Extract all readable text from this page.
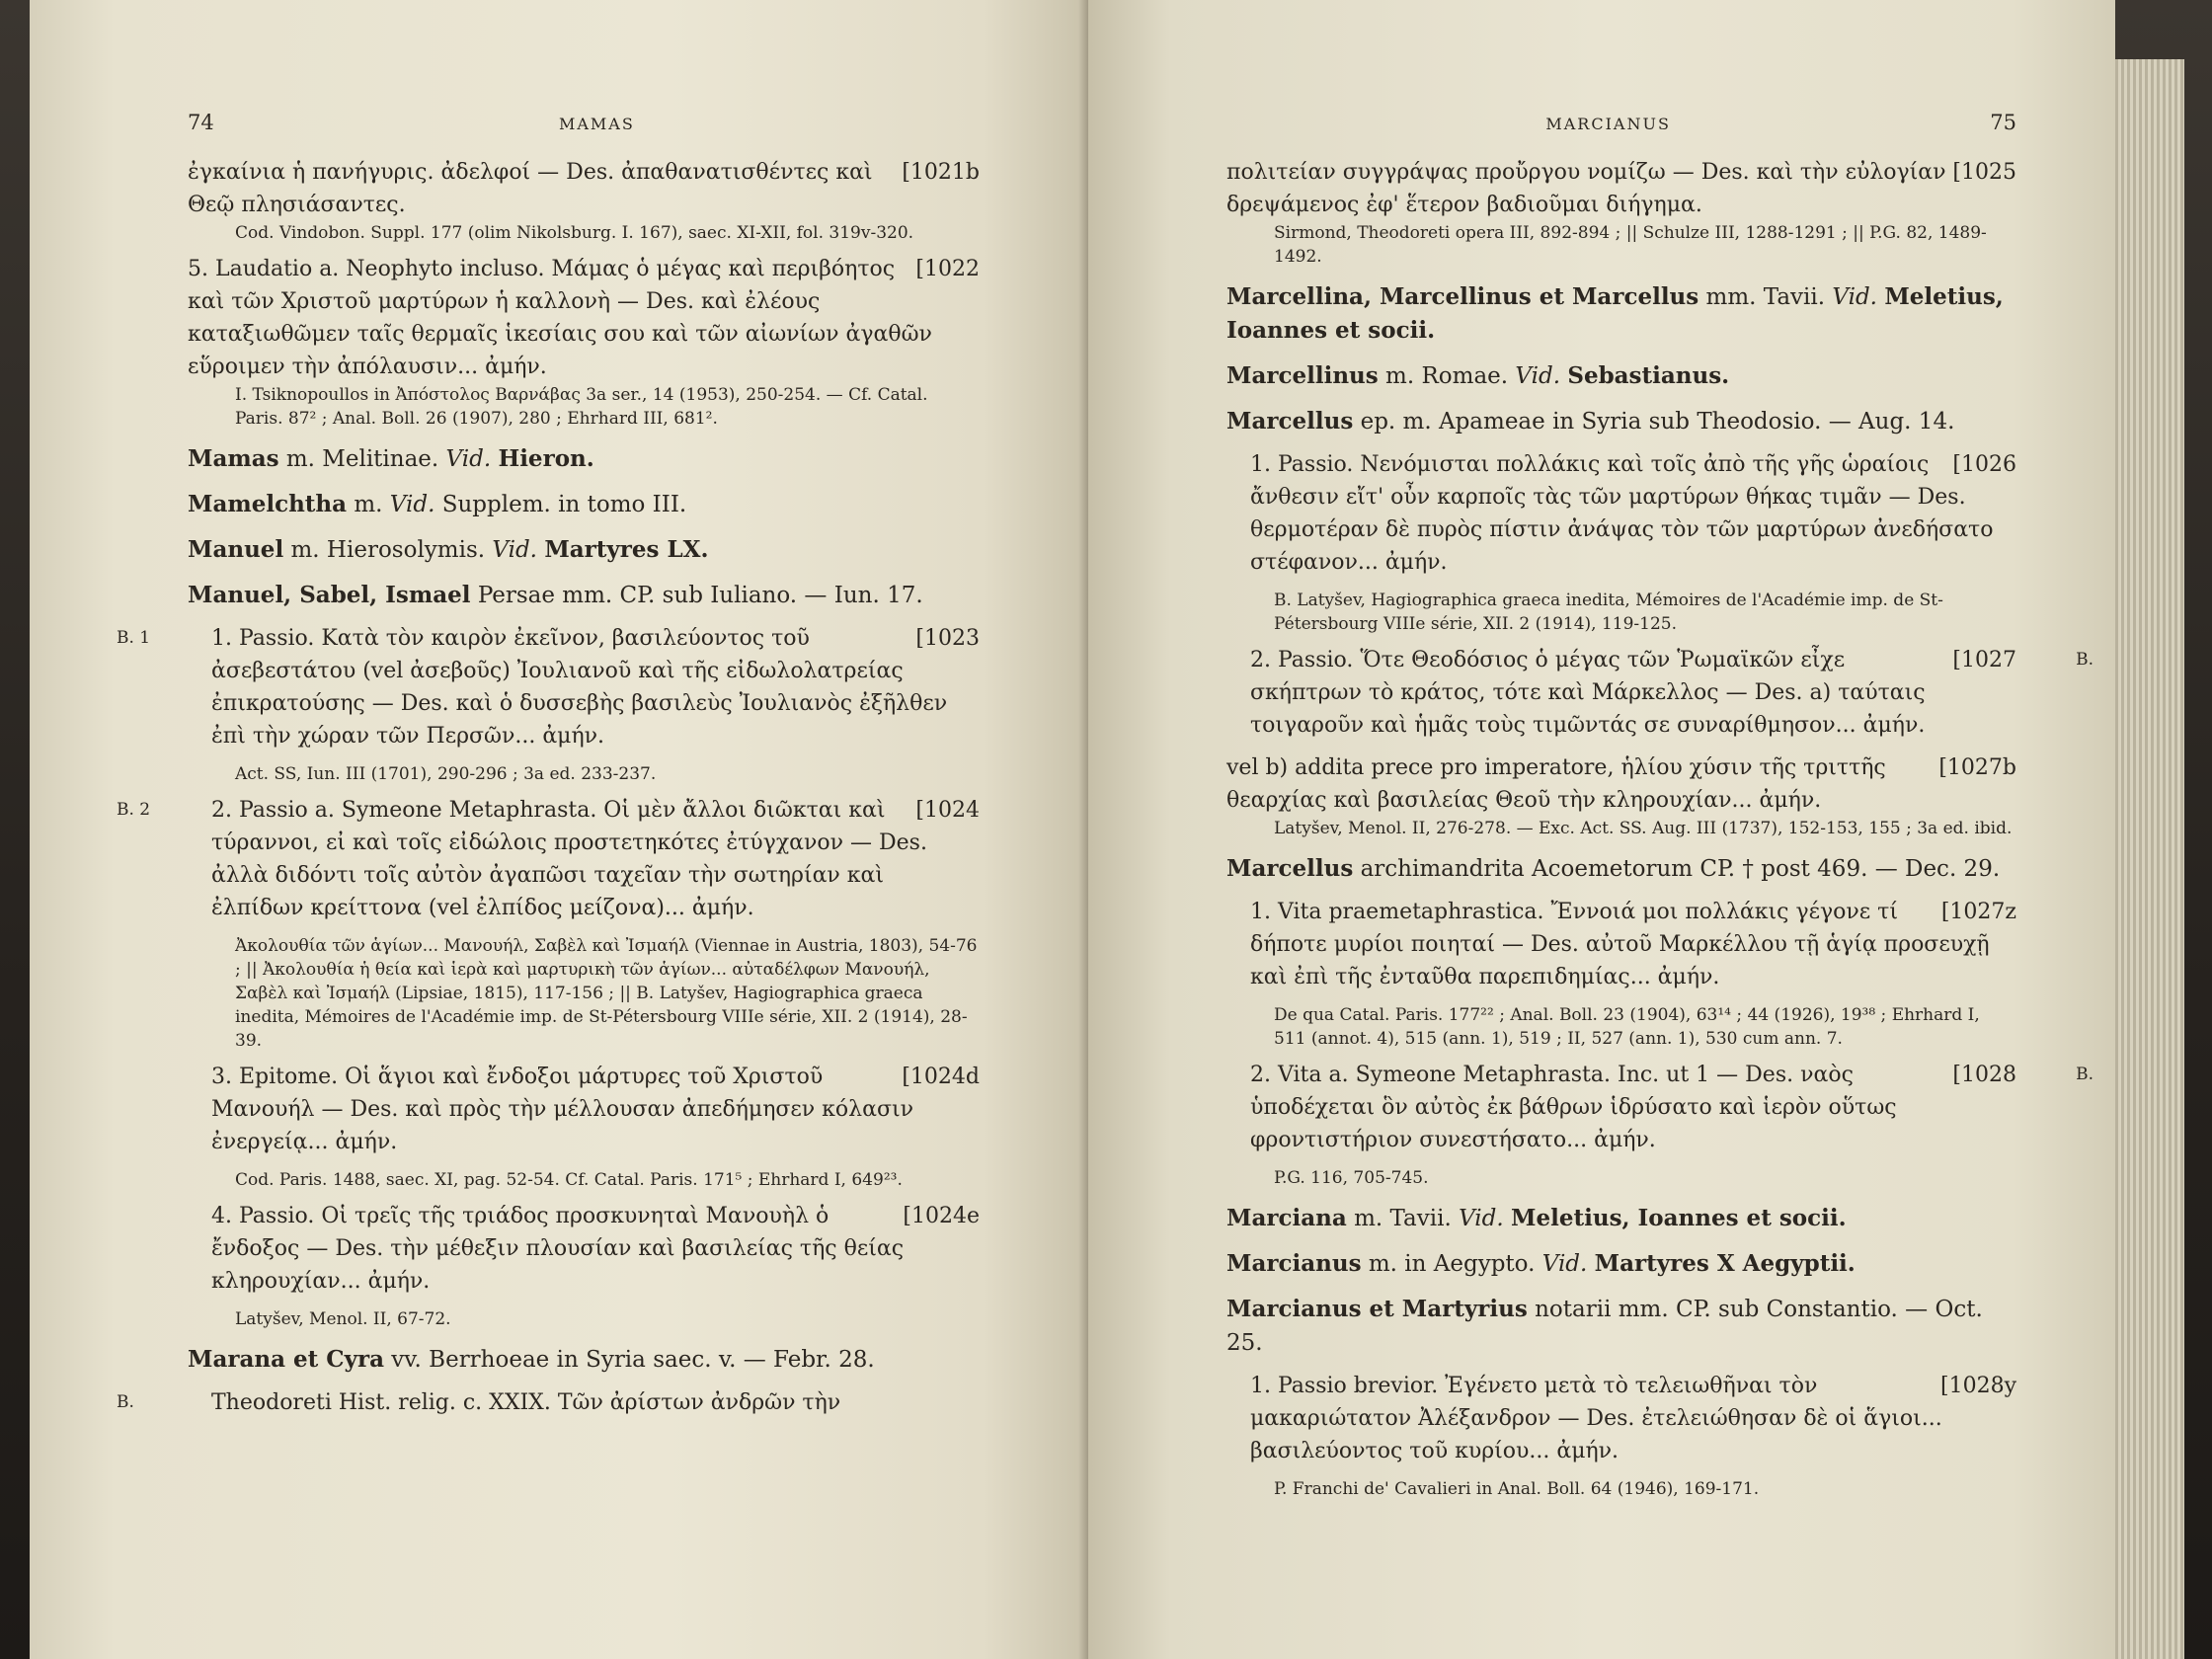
74	MAMAS
[1021b
ἐγκαίνια ἡ πανήγυρις. ἀδελφοί — Des. ἀπαθανατισθέντες καὶ Θεῷ πλησιάσαντες.
Cod. Vindobon. Suppl. 177 (olim Nikolsburg. I. 167), saec. XI-XII, fol. 319v-320.
[1022
5. Laudatio a. Neophyto incluso. Μάμας ὁ μέγας καὶ περιβόητος καὶ τῶν Χριστοῦ μαρτύρων ἡ καλλονὴ — Des. καὶ ἐλέους καταξιωθῶμεν ταῖς θερμαῖς ἱκεσίαις σου καὶ τῶν αἰωνίων ἀγαθῶν εὕροιμεν τὴν ἀπόλαυσιν... ἀμήν.
I. Tsiknopoullos in Ἀπόστολος Βαρνάβας 3a ser., 14 (1953), 250-254. — Cf. Catal. Paris. 87² ; Anal. Boll. 26 (1907), 280 ; Ehrhard III, 681².
Mamas m. Melitinae. Vid. Hieron.
Mamelchtha m. Vid. Supplem. in tomo III.
Manuel m. Hierosolymis. Vid. Martyres LX.
Manuel, Sabel, Ismael Persae mm. CP. sub Iuliano. — Iun. 17.
B. 1	[1023
1. Passio. Κατὰ τὸν καιρὸν ἐκεῖνον, βασιλεύοντος τοῦ ἀσεβεστάτου (vel ἀσεβοῦς) Ἰουλιανοῦ καὶ τῆς εἰδωλολατρείας ἐπικρατούσης — Des. καὶ ὁ δυσσεβὴς βασιλεὺς Ἰουλιανὸς ἐξῆλθεν ἐπὶ τὴν χώραν τῶν Περσῶν... ἀμήν.
Act. SS, Iun. III (1701), 290-296 ; 3a ed. 233-237.
B. 2	[1024
2. Passio a. Symeone Metaphrasta. Οἱ μὲν ἄλλοι διῶκται καὶ τύραννοι, εἰ καὶ τοῖς εἰδώλοις προστετηκότες ἐτύγχανον — Des. ἀλλὰ διδόντι τοῖς αὐτὸν ἀγαπῶσι ταχεῖαν τὴν σωτηρίαν καὶ ἐλπίδων κρείττονα (vel ἐλπίδος μείζονα)... ἀμήν.
Ἀκολουθία τῶν ἁγίων... Μανουήλ, Σαβὲλ καὶ Ἰσμαήλ (Viennae in Austria, 1803), 54-76 ; || Ἀκολουθία ἡ θεία καὶ ἱερὰ καὶ μαρτυρικὴ τῶν ἁγίων... αὐταδέλφων Μανουήλ, Σαβὲλ καὶ Ἰσμαήλ (Lipsiae, 1815), 117-156 ; || B. Latyšev, Hagiographica graeca inedita, Mémoires de l'Académie imp. de St-Pétersbourg VIIIe série, XII. 2 (1914), 28-39.
[1024d
3. Epitome. Οἱ ἅγιοι καὶ ἔνδοξοι μάρτυρες τοῦ Χριστοῦ Μανουήλ — Des. καὶ πρὸς τὴν μέλλουσαν ἀπεδήμησεν κόλασιν ἐνεργείᾳ... ἀμήν.
Cod. Paris. 1488, saec. XI, pag. 52-54. Cf. Catal. Paris. 171⁵ ; Ehrhard I, 649²³.
[1024e
4. Passio. Οἱ τρεῖς τῆς τριάδος προσκυνηταὶ Μανουὴλ ὁ ἔνδοξος — Des. τὴν μέθεξιν πλουσίαν καὶ βασιλείας τῆς θείας κληρουχίαν... ἀμήν.
Latyšev, Menol. II, 67-72.
Marana et Cyra vv. Berrhoeae in Syria saec. v. — Febr. 28.
B.	Theodoreti Hist. relig. c. XXIX. Τῶν ἀρίστων ἀνδρῶν τὴν
MARCIANUS	75
[1025
πολιτείαν συγγράψας προὔργου νομίζω — Des. καὶ τὴν εὐλογίαν δρεψάμενος ἐφ' ἕτερον βαδιοῦμαι διήγημα.
Sirmond, Theodoreti opera III, 892-894 ; || Schulze III, 1288-1291 ; || P.G. 82, 1489-1492.
Marcellina, Marcellinus et Marcellus mm. Tavii. Vid. Meletius, Ioannes et socii.
Marcellinus m. Romae. Vid. Sebastianus.
Marcellus ep. m. Apameae in Syria sub Theodosio. — Aug. 14.
[1026
1. Passio. Νενόμισται πολλάκις καὶ τοῖς ἀπὸ τῆς γῆς ὡραίοις ἄνθεσιν εἴτ' οὖν καρποῖς τὰς τῶν μαρτύρων θήκας τιμᾶν — Des. θερμοτέραν δὲ πυρὸς πίστιν ἀνάψας τὸν τῶν μαρτύρων ἀνεδήσατο στέφανον... ἀμήν.
B. Latyšev, Hagiographica graeca inedita, Mémoires de l'Académie imp. de St-Pétersbourg VIIIe série, XII. 2 (1914), 119-125.
B.
[1027
2. Passio. Ὅτε Θεοδόσιος ὁ μέγας τῶν Ῥωμαϊκῶν εἶχε σκήπτρων τὸ κράτος, τότε καὶ Μάρκελλος — Des. a) ταύταις τοιγαροῦν καὶ ἡμᾶς τοὺς τιμῶντάς σε συναρίθμησον... ἀμήν.
[1027b
vel b) addita prece pro imperatore, ἡλίου χύσιν τῆς τριττῆς θεαρχίας καὶ βασιλείας Θεοῦ τὴν κληρουχίαν... ἀμήν.
Latyšev, Menol. II, 276-278. — Exc. Act. SS. Aug. III (1737), 152-153, 155 ; 3a ed. ibid.
Marcellus archimandrita Acoemetorum CP. † post 469. — Dec. 29.
[1027z
1. Vita praemetaphrastica. Ἔννοιά μοι πολλάκις γέγονε τί δήποτε μυρίοι ποιηταί — Des. αὐτοῦ Μαρκέλλου τῇ ἁγίᾳ προσευχῇ καὶ ἐπὶ τῆς ἐνταῦθα παρεπιδημίας... ἀμήν.
De qua Catal. Paris. 177²² ; Anal. Boll. 23 (1904), 63¹⁴ ; 44 (1926), 19³⁸ ; Ehrhard I, 511 (annot. 4), 515 (ann. 1), 519 ; II, 527 (ann. 1), 530 cum ann. 7.
B.
[1028
2. Vita a. Symeone Metaphrasta. Inc. ut 1 — Des. ναὸς ὑποδέχεται ὃν αὐτὸς ἐκ βάθρων ἱδρύσατο καὶ ἱερὸν οὕτως φροντιστήριον συνεστήσατο... ἀμήν.
P.G. 116, 705-745.
Marciana m. Tavii. Vid. Meletius, Ioannes et socii.
Marcianus m. in Aegypto. Vid. Martyres X Aegyptii.
Marcianus et Martyrius notarii mm. CP. sub Constantio. — Oct. 25.
[1028y
1. Passio brevior. Ἐγένετο μετὰ τὸ τελειωθῆναι τὸν μακαριώτατον Ἀλέξανδρον — Des. ἐτελειώθησαν δὲ οἱ ἅγιοι... βασιλεύοντος τοῦ κυρίου... ἀμήν.
P. Franchi de' Cavalieri in Anal. Boll. 64 (1946), 169-171.
